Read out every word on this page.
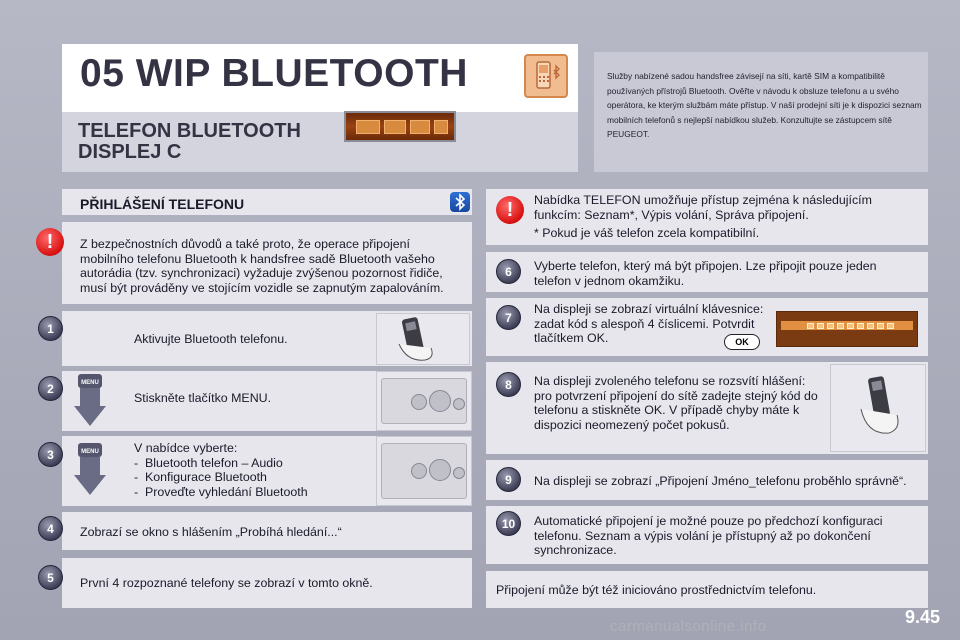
05 WIP BLUETOOTH
TELEFON BLUETOOTH
DISPLEJ C
Služby nabízené sadou handsfree závisejí na síti, kartě SIM a kompatibilitě používaných přístrojů Bluetooth. Ověřte v návodu k obsluze telefonu a u svého operátora, ke kterým službám máte přístup. V naší prodejní síti je k dispozici seznam mobilních telefonů s nejlepší nabídkou služeb. Konzultujte se zástupcem sítě PEUGEOT.
PŘIHLÁŠENÍ TELEFONU
!	Z bezpečnostních důvodů a také proto, že operace připojení mobilního telefonu Bluetooth k handsfree sadě Bluetooth vašeho autorádia (tzv. synchronizaci) vyžaduje zvýšenou pozornost řidiče, musí být prováděny ve stojícím vozidle se zapnutým zapalováním.
1
Aktivujte Bluetooth telefonu.
2	MENU
Stiskněte tlačítko MENU.
3	MENU	V nabídce vyberte:
-  Bluetooth telefon – Audio
-  Konfigurace Bluetooth
-  Proveďte vyhledání Bluetooth
4	Zobrazí se okno s hlášením „Probíhá hledání...“
5	První 4 rozpoznané telefony se zobrazí v tomto okně.
!	Nabídka TELEFON umožňuje přístup zejména k následujícím funkcím: Seznam*, Výpis volání, Správa připojení.
* Pokud je váš telefon zcela kompatibilní.
6	Vyberte telefon, který má být připojen. Lze připojit pouze jeden telefon v jednom okamžiku.
7
Na displeji se zobrazí virtuální klávesnice: zadat kód s alespoň 4 číslicemi. Potvrdit tlačítkem OK.	OK
8	Na displeji zvoleného telefonu se rozsvítí hlášení: pro potvrzení připojení do sítě zadejte stejný kód do telefonu a stiskněte OK. V případě chyby máte k dispozici neomezený počet pokusů.
9	Na displeji se zobrazí „Připojení Jméno_telefonu proběhlo správně“.
10	Automatické připojení je možné pouze po předchozí konfiguraci telefonu. Seznam a výpis volání je přístupný až po dokončení synchronizace.
Připojení může být též iniciováno prostřednictvím telefonu.
9.45
carmanualsonline.info
